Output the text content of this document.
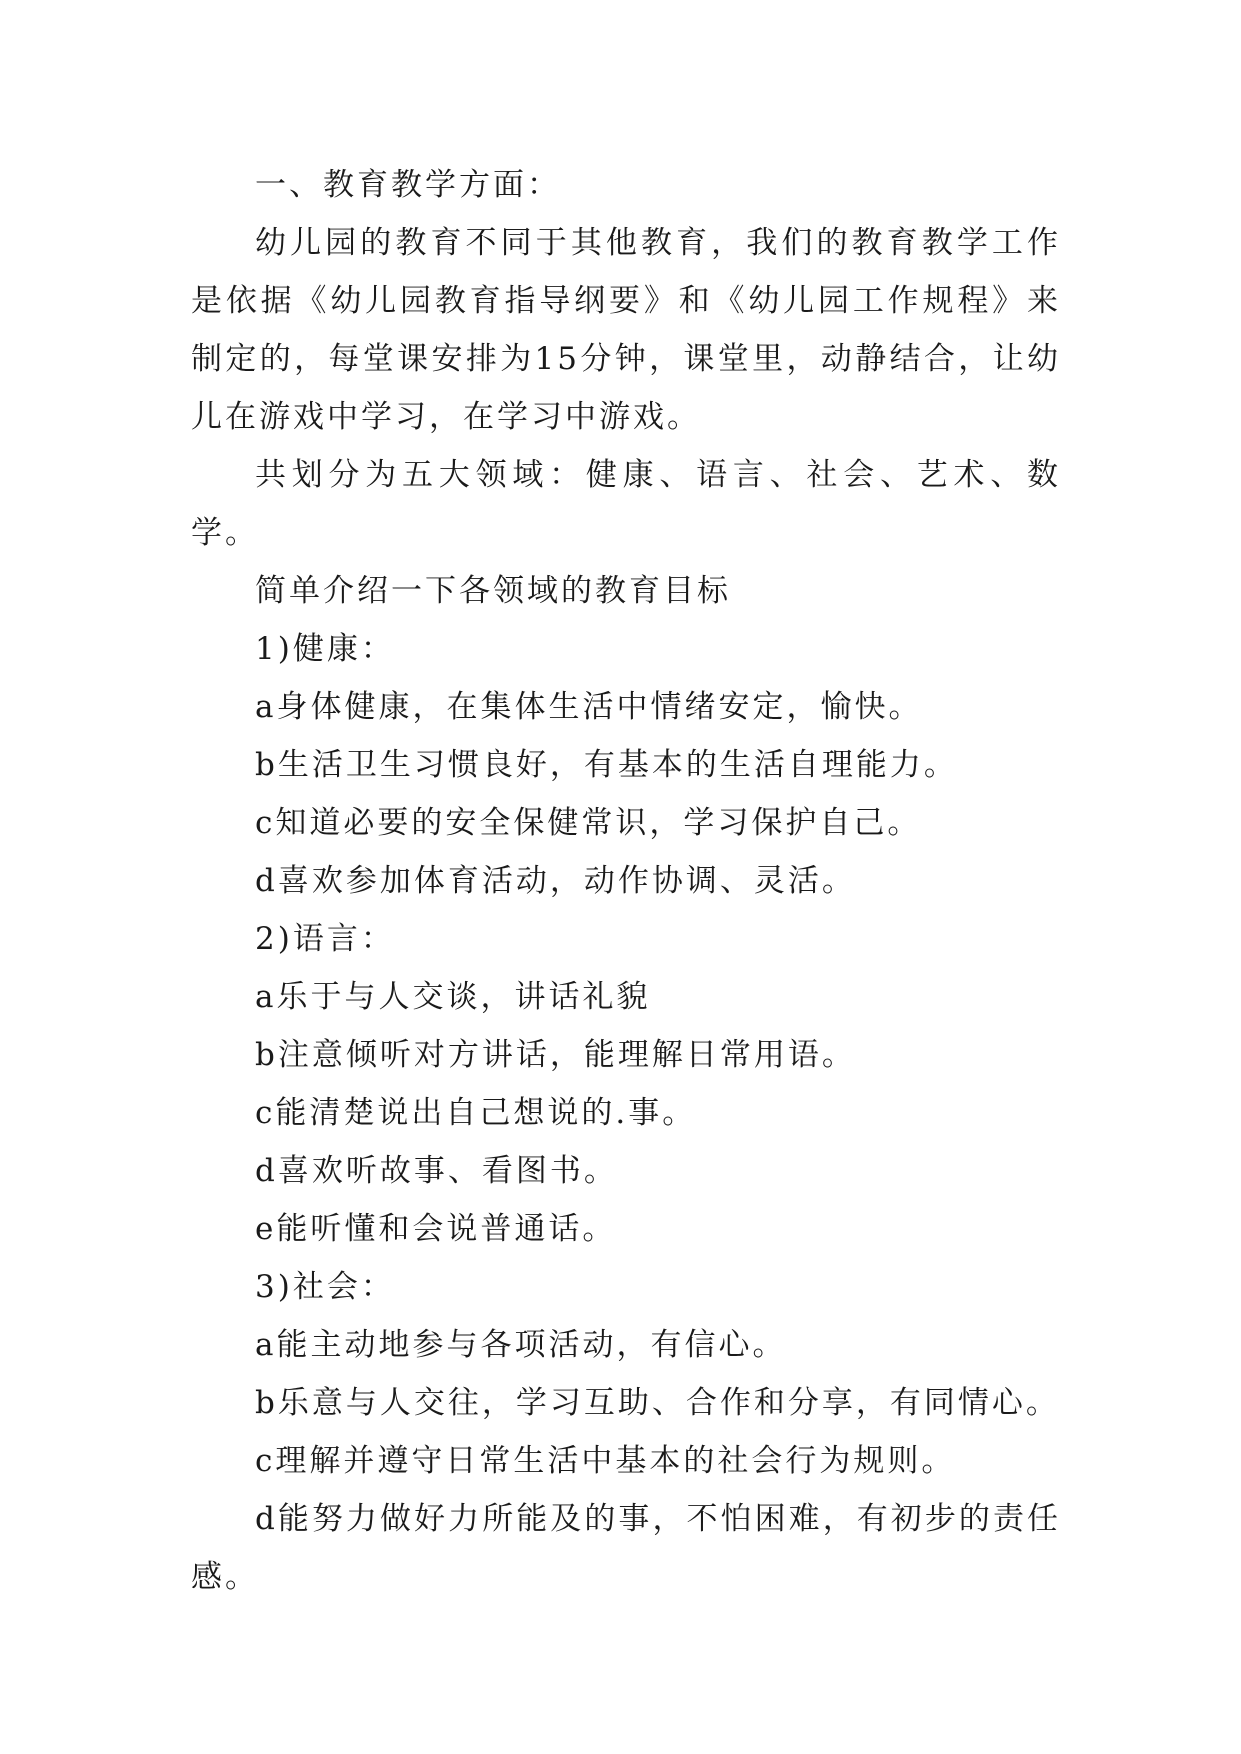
一、教育教学方面：

幼儿园的教育不同于其他教育，我们的教育教学工作是依据《幼儿园教育指导纲要》和《幼儿园工作规程》来制定的，每堂课安排为15分钟，课堂里，动静结合，让幼儿在游戏中学习，在学习中游戏。

共划分为五大领域：健康、语言、社会、艺术、数学。

简单介绍一下各领域的教育目标

1)健康：

a身体健康，在集体生活中情绪安定，愉快。

b生活卫生习惯良好，有基本的生活自理能力。

c知道必要的安全保健常识，学习保护自己。

d喜欢参加体育活动，动作协调、灵活。

2)语言：

a乐于与人交谈，讲话礼貌

b注意倾听对方讲话，能理解日常用语。

c能清楚说出自己想说的.事。

d喜欢听故事、看图书。

e能听懂和会说普通话。

3)社会：

a能主动地参与各项活动，有信心。

b乐意与人交往，学习互助、合作和分享，有同情心。

c理解并遵守日常生活中基本的社会行为规则。

d能努力做好力所能及的事，不怕困难，有初步的责任感。
